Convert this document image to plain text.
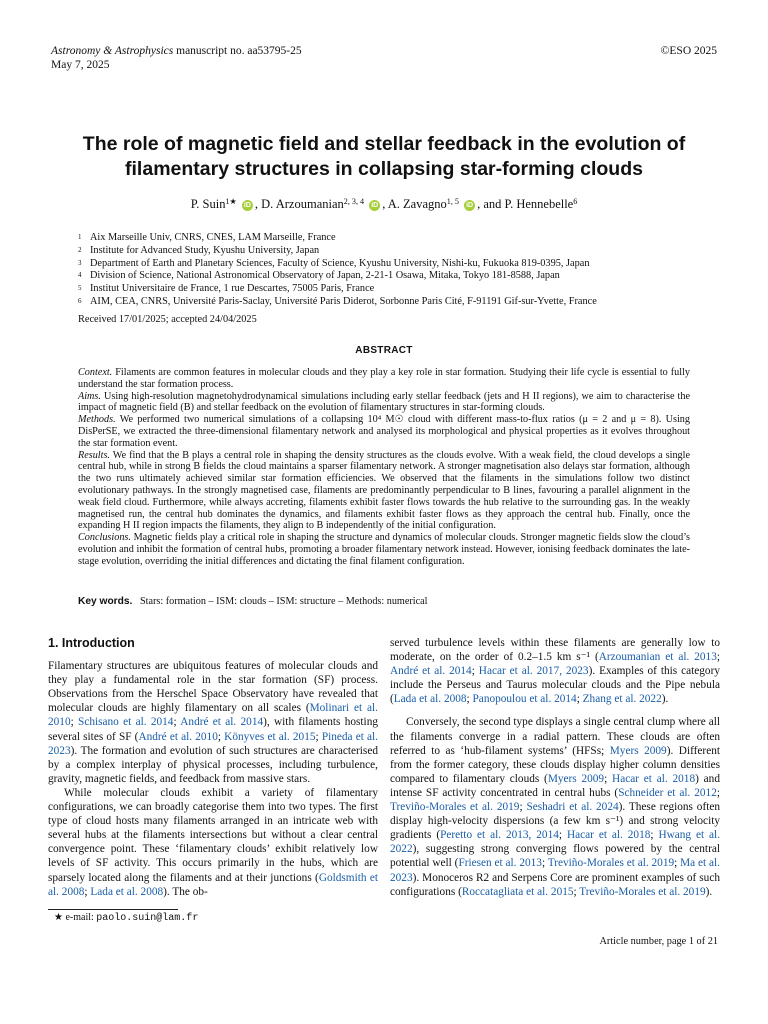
Astronomy & Astrophysics manuscript no. aa53795-25	©ESO 2025
May 7, 2025
The role of magnetic field and stellar feedback in the evolution of
filamentary structures in collapsing star-forming clouds
P. Suin$^{1★}$ iD , D. Arzoumanian$^{2, 3, 4}$ iD , A. Zavagno$^{1, 5}$ iD , and P. Hennebelle$^6$
1 Aix Marseille Univ, CNRS, CNES, LAM Marseille, France
2 Institute for Advanced Study, Kyushu University, Japan
3 Department of Earth and Planetary Sciences, Faculty of Science, Kyushu University, Nishi-ku, Fukuoka 819-0395, Japan
4 Division of Science, National Astronomical Observatory of Japan, 2-21-1 Osawa, Mitaka, Tokyo 181-8588, Japan
5 Institut Universitaire de France, 1 rue Descartes, 75005 Paris, France
6 AIM, CEA, CNRS, Université Paris-Saclay, Université Paris Diderot, Sorbonne Paris Cité, F-91191 Gif-sur-Yvette, France
Received 17/01/2025; accepted 24/04/2025
ABSTRACT

Context. Filaments are common features in molecular clouds and they play a key role in star formation. Studying their life cycle is essential to fully understand the star formation process.

Aims. Using high-resolution magnetohydrodynamical simulations including early stellar feedback (jets and H II regions), we aim to characterise the impact of magnetic field (B) and stellar feedback on the evolution of filamentary structures in star-forming clouds.

Methods. We performed two numerical simulations of a collapsing 10⁴ M☉ cloud with different mass-to-flux ratios (μ = 2 and μ = 8). Using DisPerSE, we extracted the three-dimensional filamentary network and analysed its morphological and physical properties as it evolves throughout the star formation event.

Results. We find that the B plays a central role in shaping the density structures as the clouds evolve. With a weak field, the cloud develops a single central hub, while in strong B fields the cloud maintains a sparser filamentary network. A stronger magnetisation also delays star formation, although the two runs ultimately achieved similar star formation efficiencies. We observed that the filaments in the simulations follow two distinct evolutionary pathways. In the strongly magnetised case, filaments are predominantly perpendicular to B lines, favouring a parallel alignment in the weak field cloud. Furthermore, while always accreting, filaments exhibit faster flows towards the hub relative to the surrounding gas. In the weakly magnetised run, the central hub dominates the dynamics, and filaments exhibit faster flows as they approach the central hub. Finally, once the expanding H II region impacts the filaments, they align to B independently of the initial configuration.

Conclusions. Magnetic fields play a critical role in shaping the structure and dynamics of molecular clouds. Stronger magnetic fields slow the cloud’s evolution and inhibit the formation of central hubs, promoting a broader filamentary network instead. However, ionising feedback dominates the late-stage evolution, overriding the initial differences and dictating the final filament configuration.

Key words. Stars: formation – ISM: clouds – ISM: structure – Methods: numerical
1. Introduction

Filamentary structures are ubiquitous features of molecular clouds and they play a fundamental role in the star formation (SF) process. Observations from the Herschel Space Observatory have revealed that molecular clouds are highly filamentary on all scales (Molinari et al. 2010; Schisano et al. 2014; André et al. 2014), with filaments hosting several sites of SF (André et al. 2010; Könyves et al. 2015; Pineda et al. 2023). The formation and evolution of such structures are characterised by a complex interplay of physical processes, including turbulence, gravity, magnetic fields, and feedback from massive stars.

While molecular clouds exhibit a variety of filamentary configurations, we can broadly categorise them into two types. The first type of cloud hosts many filaments arranged in an intricate web with several hubs at the filaments intersections but without a clear central convergence point. These ‘filamentary clouds’ exhibit relatively low levels of SF activity. This occurs primarily in the hubs, which are sparsely located along the filaments and at their junctions (Goldsmith et al. 2008; Lada et al. 2008). The ob-

served turbulence levels within these filaments are generally low to moderate, on the order of 0.2–1.5 km s⁻¹ (Arzoumanian et al. 2013; André et al. 2014; Hacar et al. 2017, 2023). Examples of this category include the Perseus and Taurus molecular clouds and the Pipe nebula (Lada et al. 2008; Panopoulou et al. 2014; Zhang et al. 2022).

Conversely, the second type displays a single central clump where all the filaments converge in a radial pattern. These clouds are often referred to as ‘hub-filament systems’ (HFSs; Myers 2009). Different from the former category, these clouds display higher column densities compared to filamentary clouds (Myers 2009; Hacar et al. 2018) and intense SF activity concentrated in central hubs (Schneider et al. 2012; Treviño-Morales et al. 2019; Seshadri et al. 2024). These regions often display high-velocity dispersions (a few km s⁻¹) and strong velocity gradients (Peretto et al. 2013, 2014; Hacar et al. 2018; Hwang et al. 2022), suggesting strong converging flows powered by the central potential well (Friesen et al. 2013; Treviño-Morales et al. 2019; Ma et al. 2023). Monoceros R2 and Serpens Core are prominent examples of such configurations (Roccatagliata et al. 2015; Treviño-Morales et al. 2019).

★ e-mail: paolo.suin@lam.fr
Article number, page 1 of 21
